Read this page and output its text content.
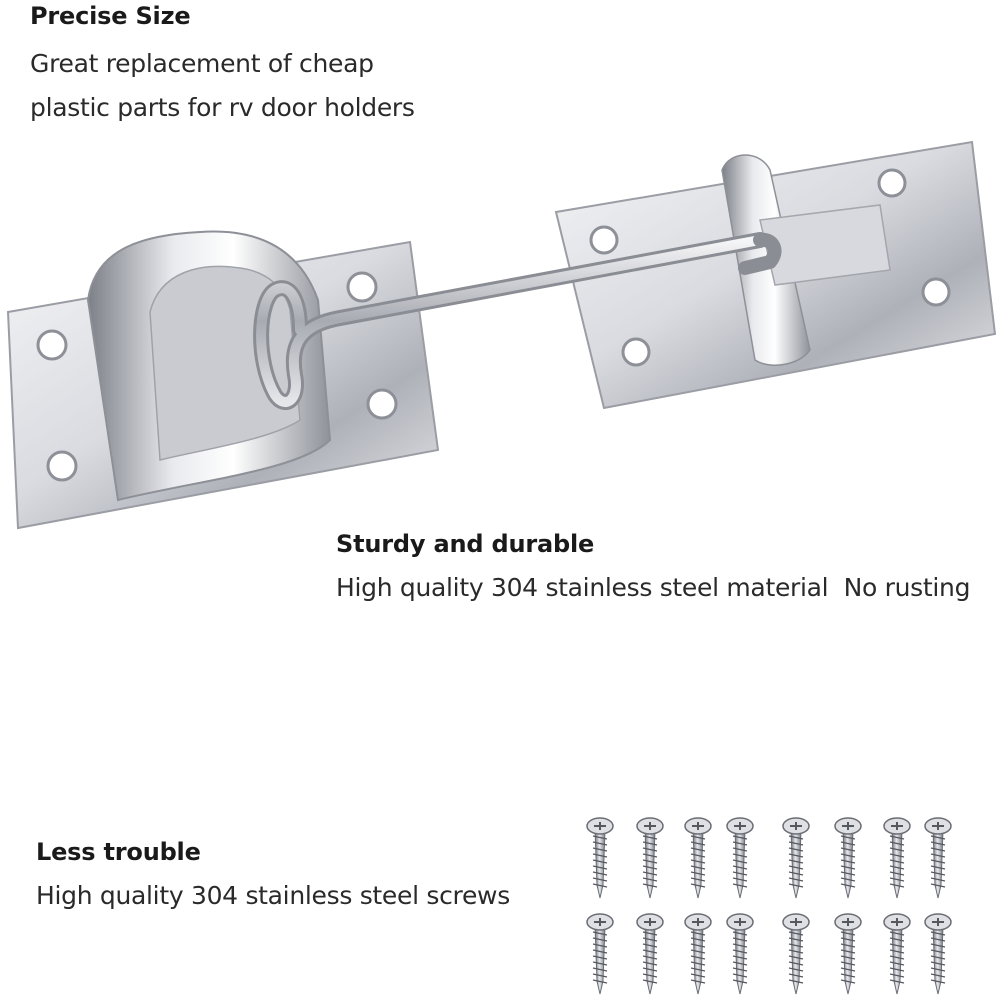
Precise Size

Great replacement of cheap plastic parts for rv door holders

Sturdy and durable

High quality 304 stainless steel material  No rusting

Less trouble

High quality 304 stainless steel screws
